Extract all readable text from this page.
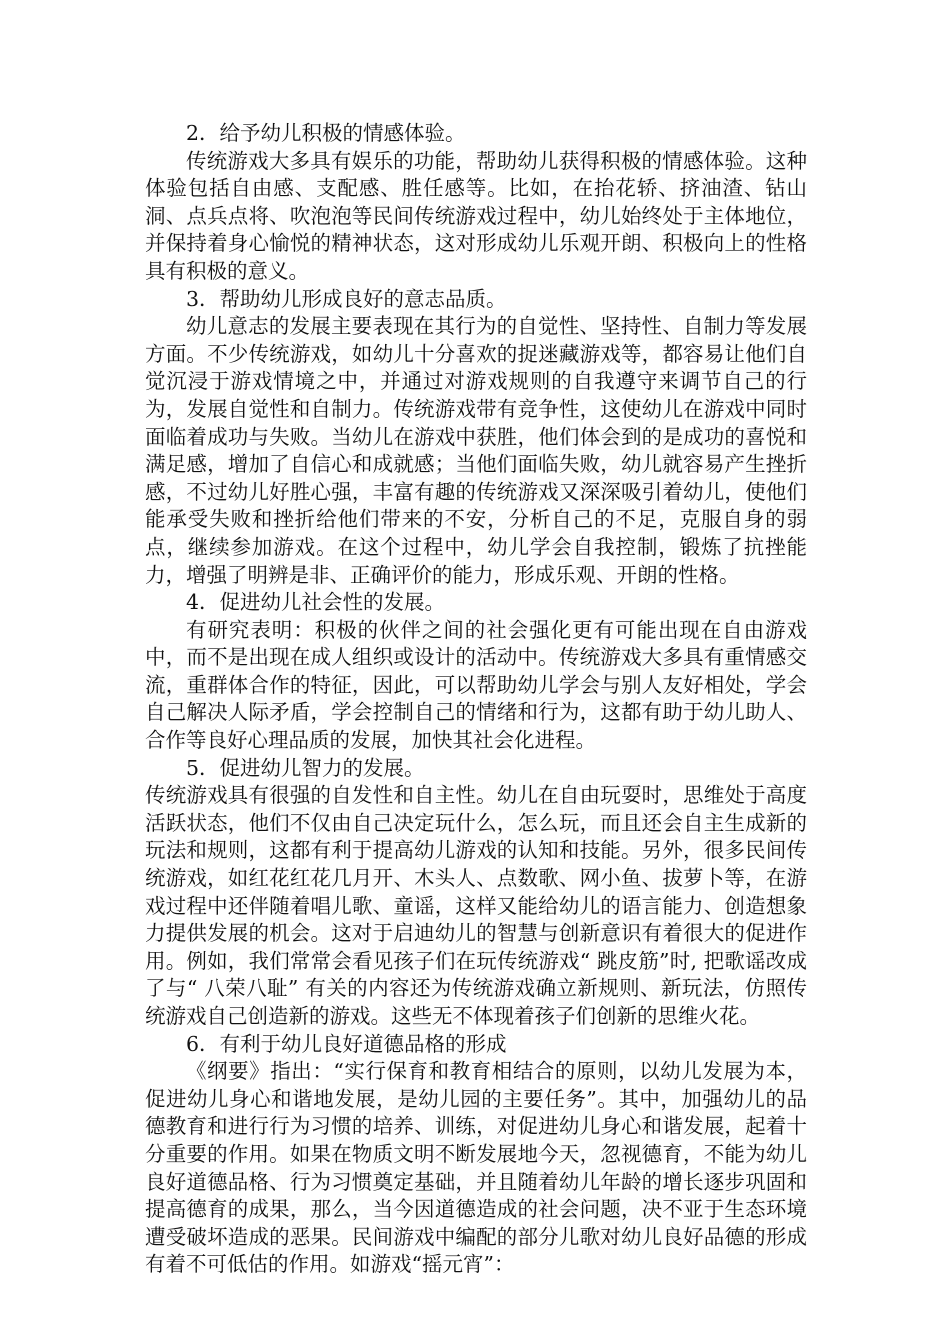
2．给予幼儿积极的情感体验。

传统游戏大多具有娱乐的功能，帮助幼儿获得积极的情感体验。这种体验包括自由感、支配感、胜任感等。比如，在抬花轿、挤油渣、钻山洞、点兵点将、吹泡泡等民间传统游戏过程中，幼儿始终处于主体地位，并保持着身心愉悦的精神状态，这对形成幼儿乐观开朗、积极向上的性格具有积极的意义。

3．帮助幼儿形成良好的意志品质。

幼儿意志的发展主要表现在其行为的自觉性、坚持性、自制力等发展方面。不少传统游戏，如幼儿十分喜欢的捉迷藏游戏等，都容易让他们自觉沉浸于游戏情境之中，并通过对游戏规则的自我遵守来调节自己的行为，发展自觉性和自制力。传统游戏带有竞争性，这使幼儿在游戏中同时面临着成功与失败。当幼儿在游戏中获胜，他们体会到的是成功的喜悦和满足感，增加了自信心和成就感；当他们面临失败，幼儿就容易产生挫折感，不过幼儿好胜心强，丰富有趣的传统游戏又深深吸引着幼儿，使他们能承受失败和挫折给他们带来的不安，分析自己的不足，克服自身的弱点，继续参加游戏。在这个过程中，幼儿学会自我控制，锻炼了抗挫能力，增强了明辨是非、正确评价的能力，形成乐观、开朗的性格。

4．促进幼儿社会性的发展。

有研究表明：积极的伙伴之间的社会强化更有可能出现在自由游戏中，而不是出现在成人组织或设计的活动中。传统游戏大多具有重情感交流，重群体合作的特征，因此，可以帮助幼儿学会与别人友好相处，学会自己解决人际矛盾，学会控制自己的情绪和行为，这都有助于幼儿助人、合作等良好心理品质的发展，加快其社会化进程。

5．促进幼儿智力的发展。

传统游戏具有很强的自发性和自主性。幼儿在自由玩耍时，思维处于高度活跃状态，他们不仅由自己决定玩什么，怎么玩，而且还会自主生成新的玩法和规则，这都有利于提高幼儿游戏的认知和技能。另外，很多民间传统游戏，如红花红花几月开、木头人、点数歌、网小鱼、拔萝卜等，在游戏过程中还伴随着唱儿歌、童谣，这样又能给幼儿的语言能力、创造想象力提供发展的机会。这对于启迪幼儿的智慧与创新意识有着很大的促进作用。例如，我们常常会看见孩子们在玩传统游戏“ 跳皮筋”时, 把歌谣改成了与“ 八荣八耻” 有关的内容还为传统游戏确立新规则、新玩法，仿照传统游戏自己创造新的游戏。这些无不体现着孩子们创新的思维火花。

6．有利于幼儿良好道德品格的形成

《纲要》指出：“实行保育和教育相结合的原则，以幼儿发展为本，促进幼儿身心和谐地发展，是幼儿园的主要任务”。其中，加强幼儿的品德教育和进行行为习惯的培养、训练，对促进幼儿身心和谐发展，起着十分重要的作用。如果在物质文明不断发展地今天，忽视德育，不能为幼儿良好道德品格、行为习惯奠定基础，并且随着幼儿年龄的增长逐步巩固和提高德育的成果，那么，当今因道德造成的社会问题，决不亚于生态环境遭受破坏造成的恶果。民间游戏中编配的部分儿歌对幼儿良好品德的形成有着不可低估的作用。如游戏“摇元宵”：
